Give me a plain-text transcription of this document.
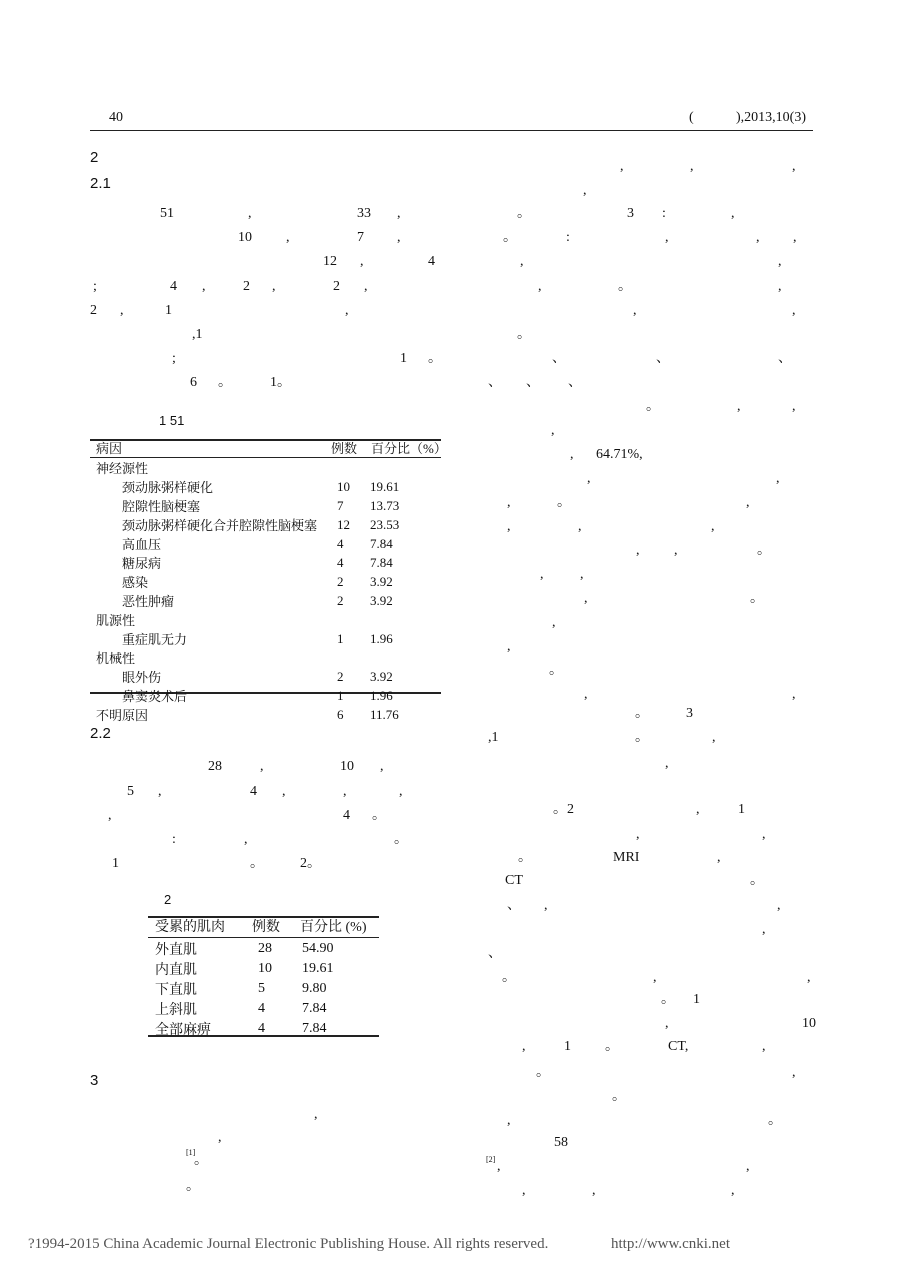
40	(	),2013,10(3)
2
2.1
2.2
3
51	,	33 ,
10 ,	7 ,
12 ,	4
;	4 ,	2 ,	2 ,
2 ,	1	,
,1
;	1 。
6 。	1。
28	,	10 ,
5 ,	4 ,	,	,
,	4 。
:	,	。
1	。	2。
,
,
[1]
。
。
1 51
病因	例数 百分比（%）
神经源性		
颈动脉粥样硬化	10	19.61
腔隙性脑梗塞	7	13.73
颈动脉粥样硬化合并腔隙性脑梗塞	12	23.53
高血压	4	7.84
糖尿病	4	7.84
感染	2	3.92
恶性肿瘤	2	3.92
肌源性		
重症肌无力	1	1.96
机械性		
眼外伤	2	3.92
鼻窦炎术后	1	1.96
不明原因	6	11.76
2
受累的肌肉 例数 百分比 (%)
外直肌	28	54.90
内直肌	10	19.61
下直肌	5	9.80
上斜肌	4	7.84
全部麻痹	4	7.84
,	,	,
,
。	3 :	,
。	:	,	, ,
,	,
,	。	,
,	,
。
、	、	、
、 、 、
。	,	,
,
, 64.71%,
,	,
,	。	,
,	,	,
, ,	。
,	,
,	。
,
,
。
,	,
。	3
,1	。	,
,
。2	,	1
,	,
。	MRI	,
CT	。
、 ,	,
,
、
。	,	,
。 1
,	10
,	1 。	CT,	,
。	,
。
,	。
58
[2] ,	,
,	,	,
?1994-2015 China Academic Journal Electronic Publishing House. All rights reserved.	http://www.cnki.net
